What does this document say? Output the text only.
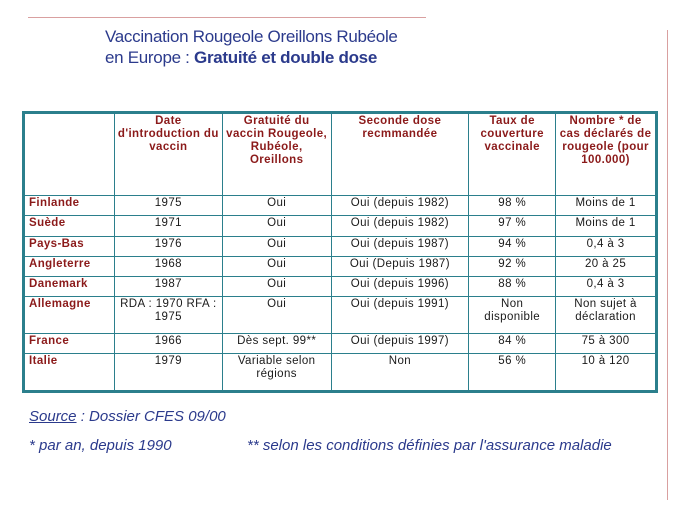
Vaccination Rougeole Oreillons Rubéole
en Europe : Gratuité et double dose
	Date d'introduction du vaccin	Gratuité du vaccin Rougeole, Rubéole, Oreillons	Seconde dose recmmandée	Taux de couverture vaccinale	Nombre * de cas déclarés de rougeole (pour 100.000)
Finlande	1975	Oui	Oui (depuis 1982)	98 %	Moins de 1
Suède	1971	Oui	Oui (depuis 1982)	97 %	Moins de 1
Pays-Bas	1976	Oui	Oui (depuis 1987)	94 %	0,4 à 3
Angleterre	1968	Oui	Oui (Depuis 1987)	92 %	20 à 25
Danemark	1987	Oui	Oui (depuis 1996)	88 %	0,4 à 3
Allemagne	RDA : 1970 RFA : 1975	Oui	Oui (depuis 1991)	Non disponible	Non sujet à déclaration
France	1966	Dès sept. 99**	Oui (depuis 1997)	84 %	75 à 300
Italie	1979	Variable selon régions	Non	56 %	10 à 120
Source : Dossier CFES 09/00
* par an, depuis 1990	** selon les conditions définies par l'assurance maladie
